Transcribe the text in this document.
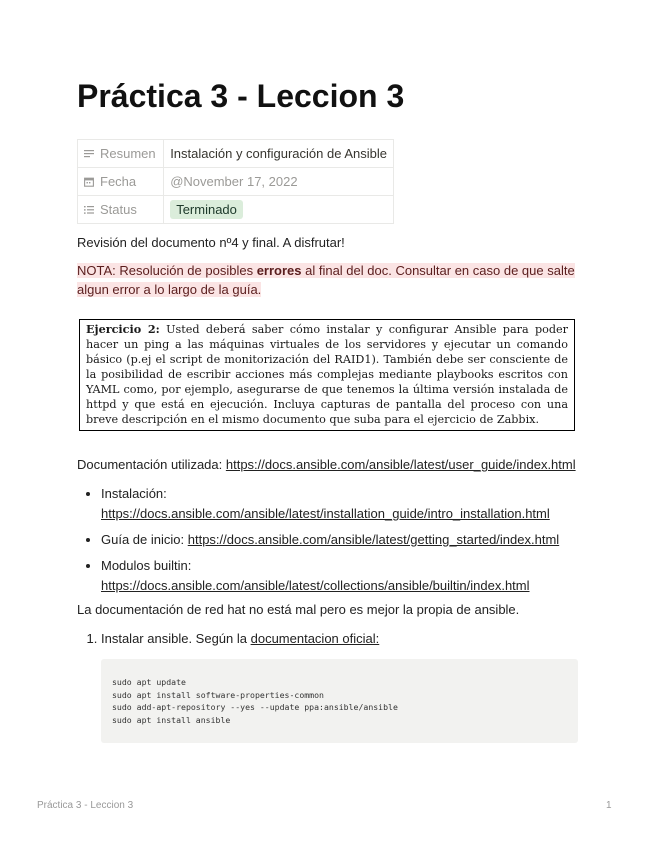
Práctica 3 - Leccion 3
Resumen	Instalación y configuración de Ansible
Fecha	@November 17, 2022
Status	Terminado

Revisión del documento nº4 y final. A disfrutar!

NOTA: Resolución de posibles errores al final del doc. Consultar en caso de que salte algun error a lo largo de la guía.
Ejercicio 2: Usted deberá saber cómo instalar y configurar Ansible para poder hacer un ping a las máquinas virtuales de los servidores y ejecutar un comando básico (p.ej el script de monitorización del RAID1). También debe ser consciente de la posibilidad de escribir acciones más complejas mediante playbooks escritos con YAML como, por ejemplo, asegurarse de que tenemos la última versión instalada de httpd y que está en ejecución. Incluya capturas de pantalla del proceso con una breve descripción en el mismo documento que suba para el ejercicio de Zabbix.

Documentación utilizada: https://docs.ansible.com/ansible/latest/user_guide/index.html

• Instalación:
https://docs.ansible.com/ansible/latest/installation_guide/intro_installation.html
• Guía de inicio: https://docs.ansible.com/ansible/latest/getting_started/index.html
• Modulos builtin:
https://docs.ansible.com/ansible/latest/collections/ansible/builtin/index.html

La documentación de red hat no está mal pero es mejor la propia de ansible.

1. Instalar ansible. Según la documentacion oficial:
sudo apt update
sudo apt install software-properties-common
sudo add-apt-repository --yes --update ppa:ansible/ansible
sudo apt install ansible
Práctica 3 - Leccion 3	1
